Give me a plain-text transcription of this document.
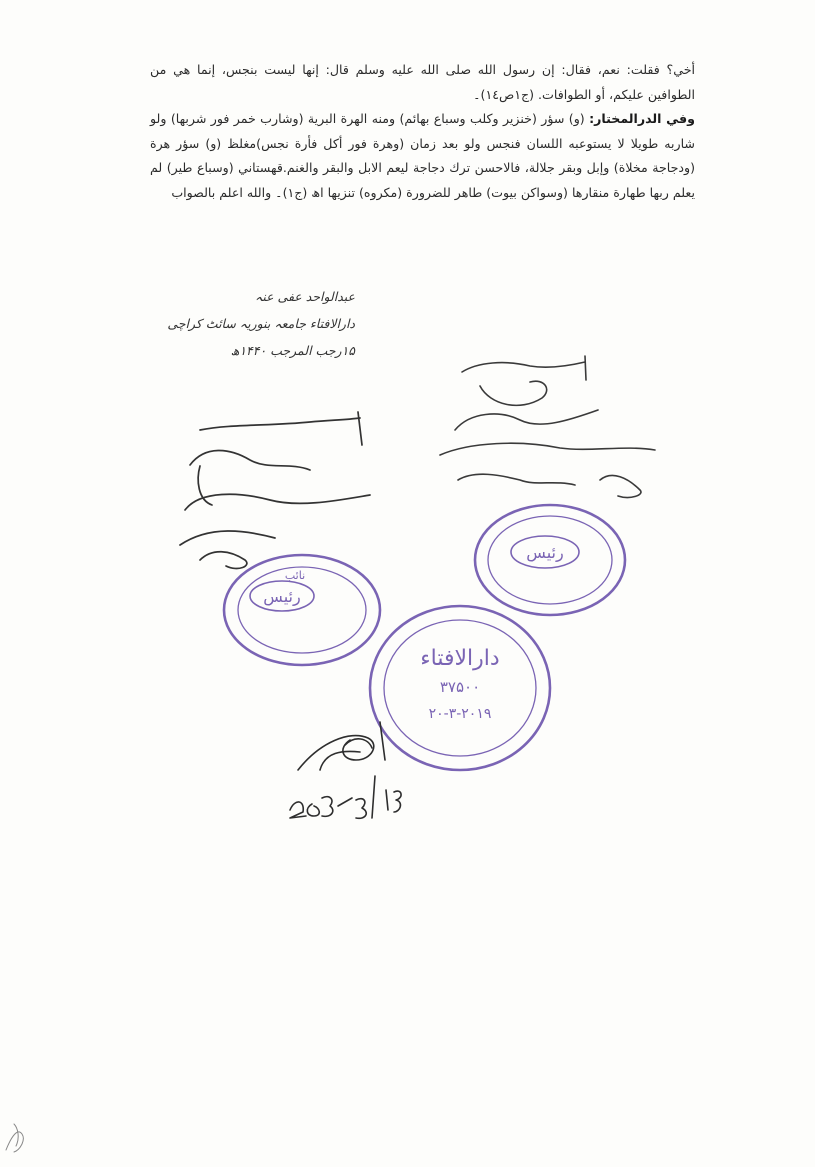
أخي؟ فقلت: نعم، فقال: إن رسول الله صلى الله عليه وسلم قال: إنها ليست بنجس، إنما هي من الطوافين عليكم، أو الطوافات. (ج١ص١٤)۔

وفي الدرالمختار: (و) سؤر (خنزير وكلب وسباع بهائم) ومنه الهرة البرية (وشارب خمر فور شربها) ولو شاربه طويلا لا يستوعبه اللسان فنجس ولو بعد زمان (وهرة فور أكل فأرة نجس)مغلظ (و) سؤر هرة (ودجاجة مخلاة) وإبل وبقر جلالة، فالاحسن ترك دجاجة ليعم الابل والبقر والغنم.قهستاني (وسباع طير) لم يعلم ربها طهارة منقارها (وسواكن بيوت) طاهر للضرورة (مكروه) تنزيها اھ (ج١)۔ والله اعلم بالصواب

عبدالواحد عفی عنہ
دارالافتاء جامعہ بنوریہ سائٹ کراچی
۱۵رجب المرجب ۱۴۴۰ھ
رئیس
نائب
رئیس
دارالافتاء
۳۷۵۰۰
۲۰-۳-۲۰۱۹
